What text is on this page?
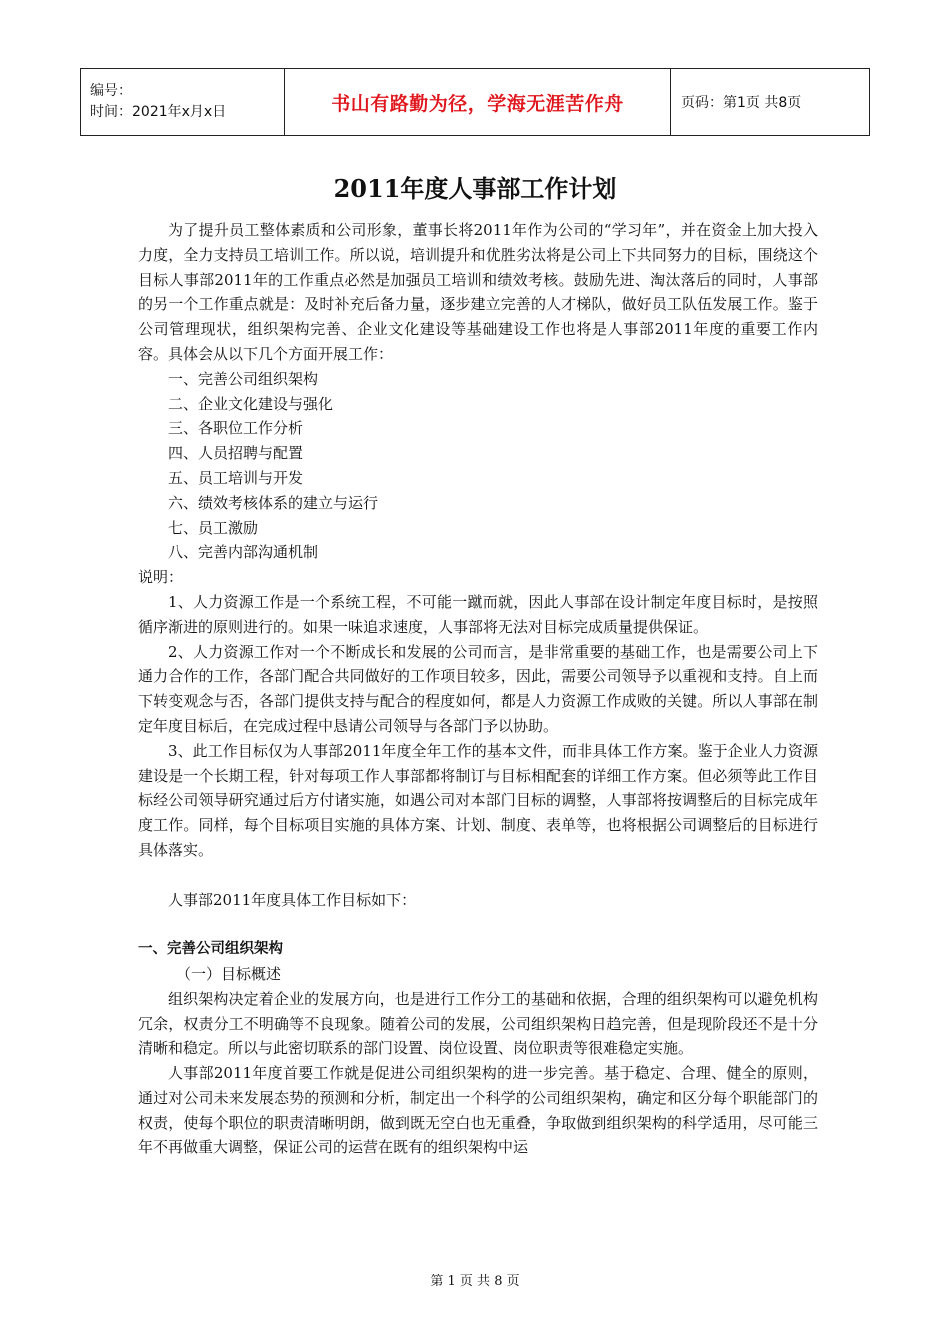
编号：
时间：2021年x月x日	书山有路勤为径，学海无涯苦作舟	页码：第1页 共8页
2011年度人事部工作计划

为了提升员工整体素质和公司形象，董事长将2011年作为公司的“学习年”，并在资金上加大投入力度，全力支持员工培训工作。所以说，培训提升和优胜劣汰将是公司上下共同努力的目标，围绕这个目标人事部2011年的工作重点必然是加强员工培训和绩效考核。鼓励先进、淘汰落后的同时，人事部的另一个工作重点就是：及时补充后备力量，逐步建立完善的人才梯队，做好员工队伍发展工作。鉴于公司管理现状，组织架构完善、企业文化建设等基础建设工作也将是人事部2011年度的重要工作内容。具体会从以下几个方面开展工作：

一、完善公司组织架构

二、企业文化建设与强化

三、各职位工作分析

四、人员招聘与配置

五、员工培训与开发

六、绩效考核体系的建立与运行

七、员工激励

八、完善内部沟通机制

说明：

1、人力资源工作是一个系统工程，不可能一蹴而就，因此人事部在设计制定年度目标时，是按照循序渐进的原则进行的。如果一味追求速度，人事部将无法对目标完成质量提供保证。

2、人力资源工作对一个不断成长和发展的公司而言，是非常重要的基础工作，也是需要公司上下通力合作的工作，各部门配合共同做好的工作项目较多，因此，需要公司领导予以重视和支持。自上而下转变观念与否，各部门提供支持与配合的程度如何，都是人力资源工作成败的关键。所以人事部在制定年度目标后，在完成过程中恳请公司领导与各部门予以协助。

3、此工作目标仅为人事部2011年度全年工作的基本文件，而非具体工作方案。鉴于企业人力资源建设是一个长期工程，针对每项工作人事部都将制订与目标相配套的详细工作方案。但必须等此工作目标经公司领导研究通过后方付诸实施，如遇公司对本部门目标的调整，人事部将按调整后的目标完成年度工作。同样，每个目标项目实施的具体方案、计划、制度、表单等，也将根据公司调整后的目标进行具体落实。

人事部2011年度具体工作目标如下：

一、完善公司组织架构

（一）目标概述

组织架构决定着企业的发展方向，也是进行工作分工的基础和依据，合理的组织架构可以避免机构冗余，权责分工不明确等不良现象。随着公司的发展，公司组织架构日趋完善，但是现阶段还不是十分清晰和稳定。所以与此密切联系的部门设置、岗位设置、岗位职责等很难稳定实施。

人事部2011年度首要工作就是促进公司组织架构的进一步完善。基于稳定、合理、健全的原则，通过对公司未来发展态势的预测和分析，制定出一个科学的公司组织架构，确定和区分每个职能部门的权责，使每个职位的职责清晰明朗，做到既无空白也无重叠，争取做到组织架构的科学适用，尽可能三年不再做重大调整，保证公司的运营在既有的组织架构中运

第 1 页 共 8 页
